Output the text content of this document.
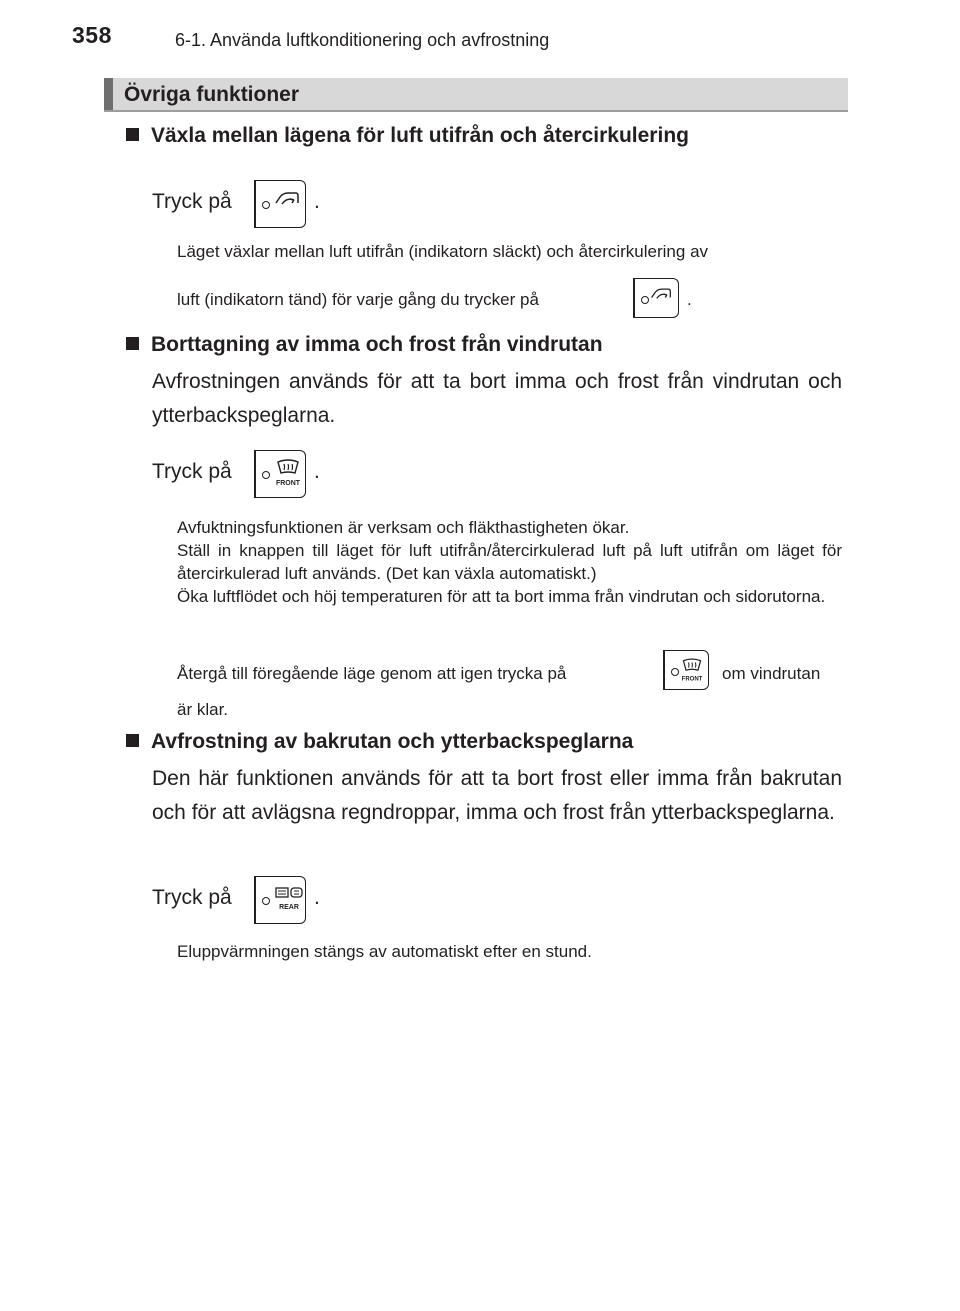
358	6-1. Använda luftkonditionering och avfrostning
Övriga funktioner
Växla mellan lägena för luft utifrån och återcirkulering
Tryck på	.
Läget växlar mellan luft utifrån (indikatorn släckt) och återcirkulering av
luft (indikatorn tänd) för varje gång du trycker på	.
Borttagning av imma och frost från vindrutan
Avfrostningen används för att ta bort imma och frost från vindrutan och ytterbackspeglarna.
Tryck på
FRONT
.
Avfuktningsfunktionen är verksam och fläkthastigheten ökar.
Ställ in knappen till läget för luft utifrån/återcirkulerad luft på luft utifrån om läget för återcirkulerad luft används. (Det kan växla automatiskt.)
Öka luftflödet och höj temperaturen för att ta bort imma från vindrutan och sidorutorna.
Återgå till föregående läge genom att igen trycka på	FRONT om vindrutan
är klar.
Avfrostning av bakrutan och ytterbackspeglarna
Den här funktionen används för att ta bort frost eller imma från bakrutan och för att avlägsna regndroppar, imma och frost från ytterbackspeglarna.
Tryck på	REAR .
Eluppvärmningen stängs av automatiskt efter en stund.
